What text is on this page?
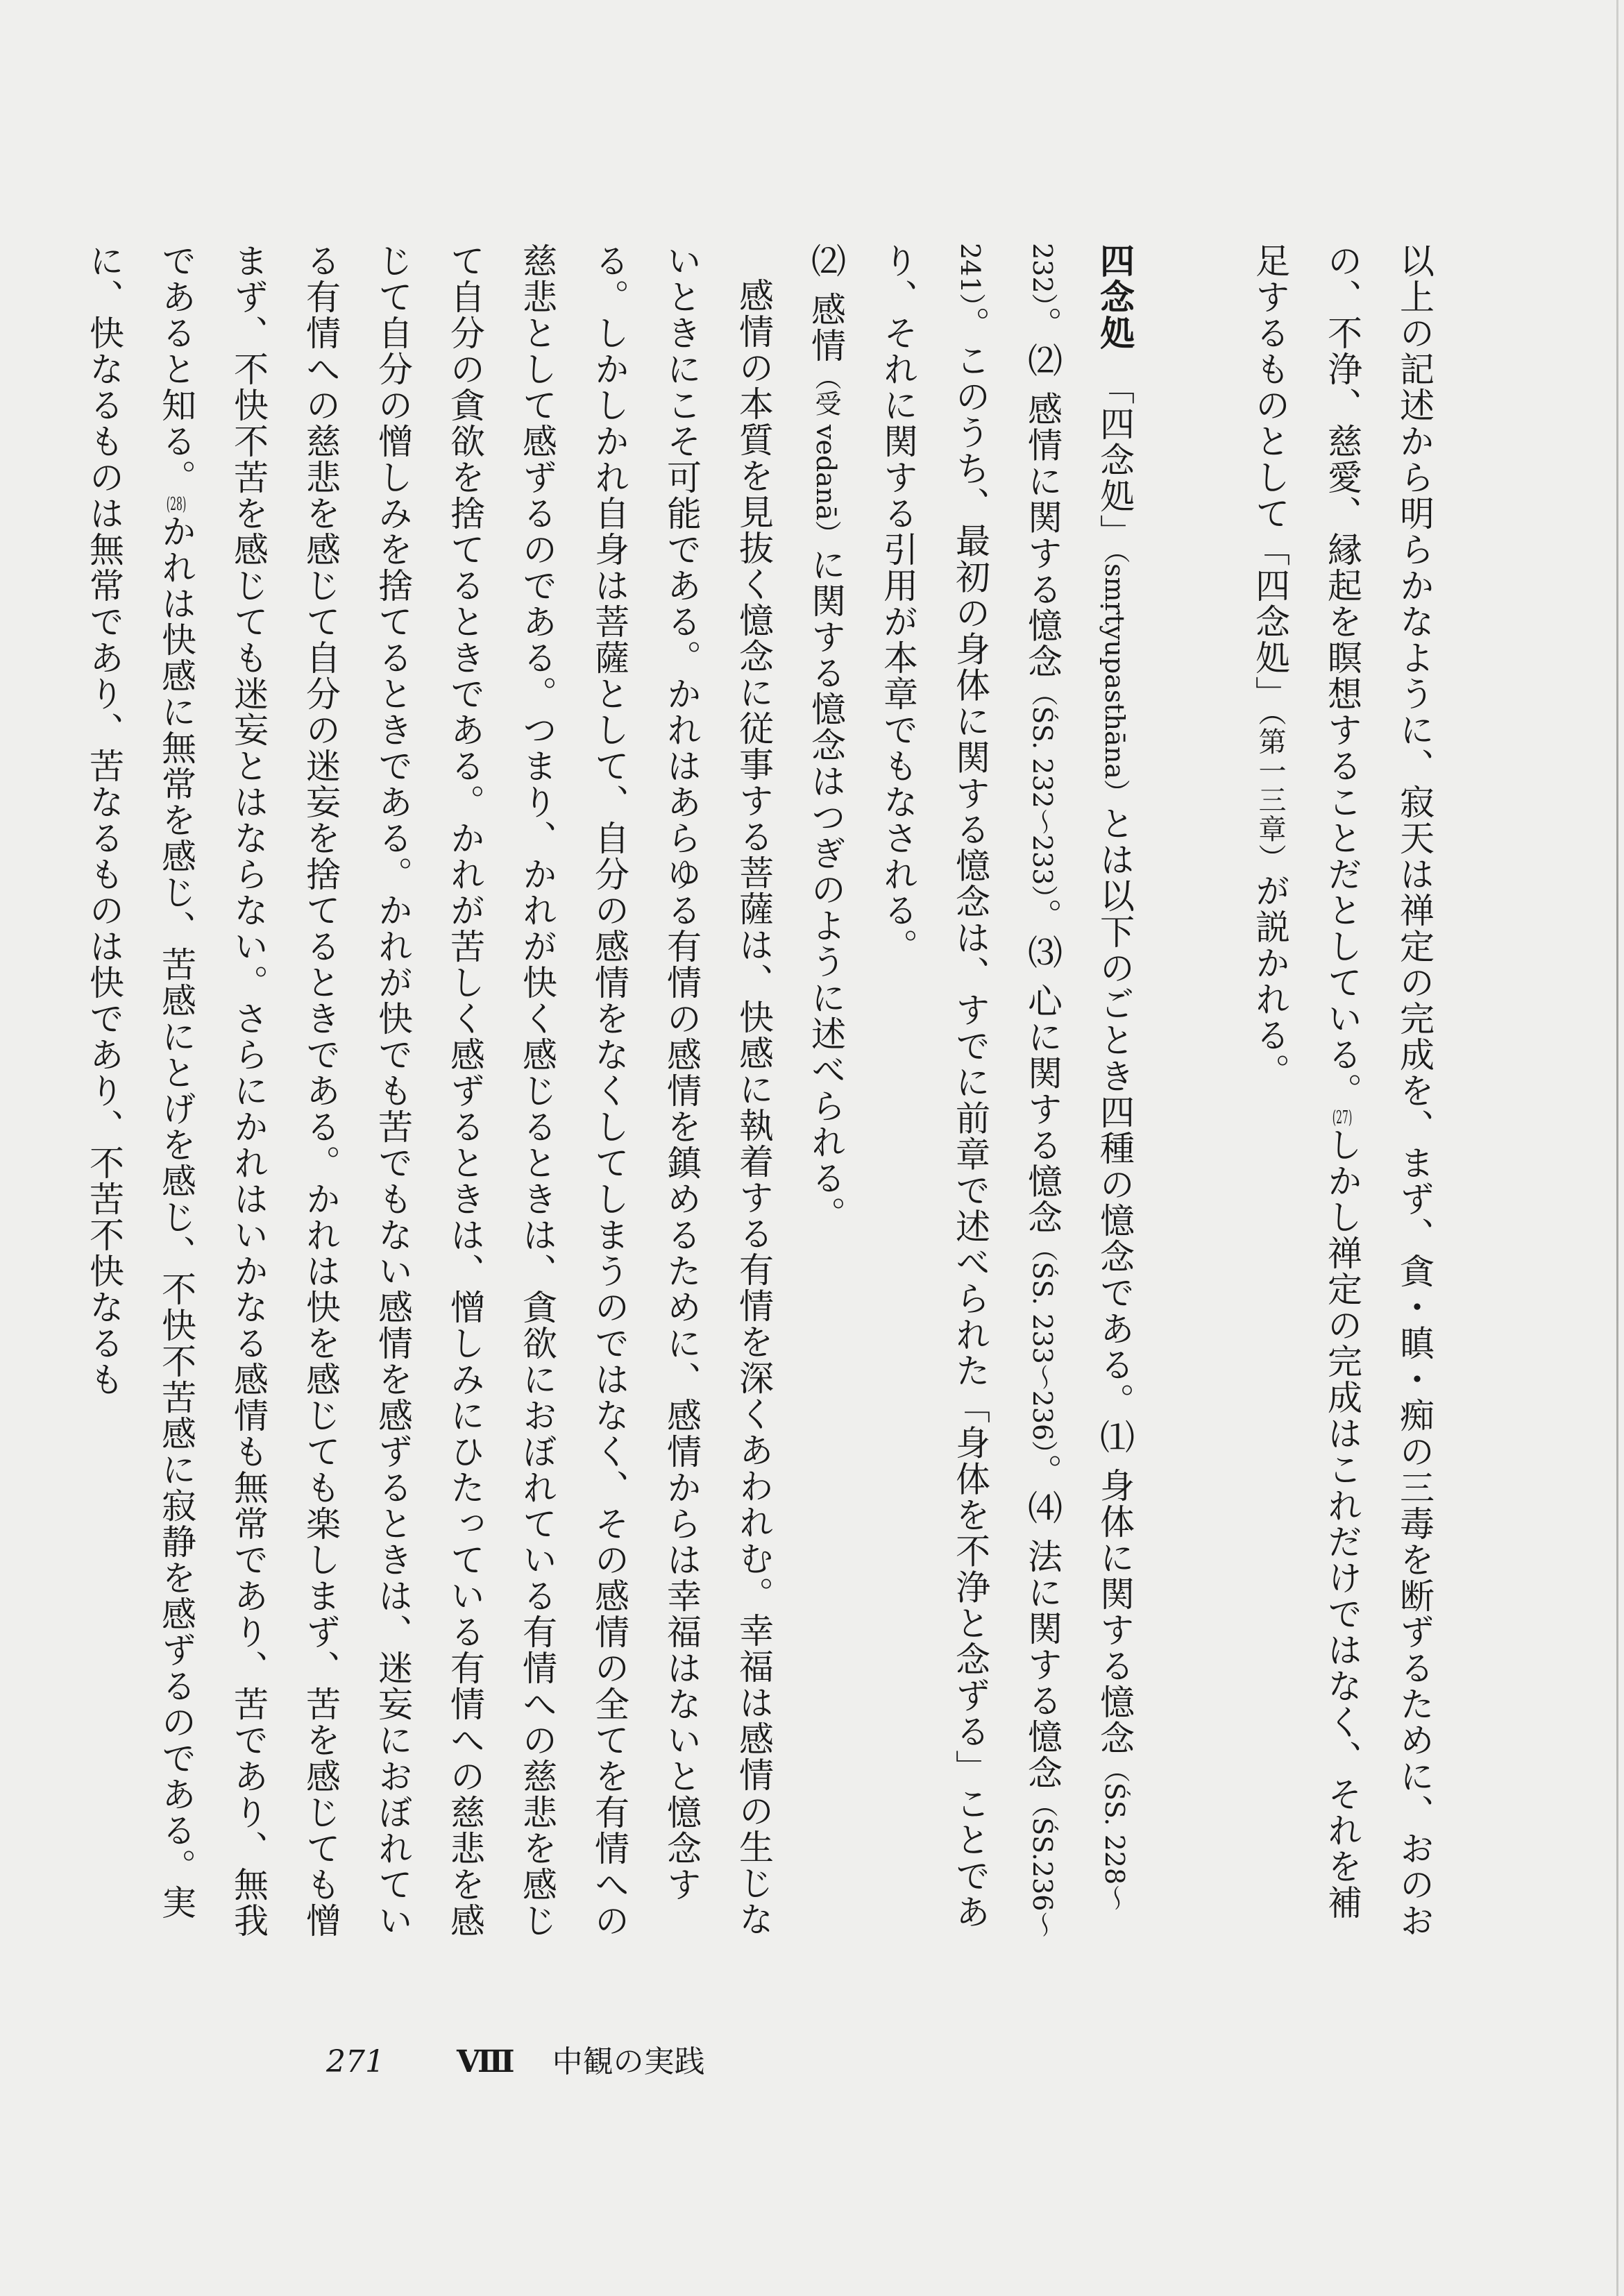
以上の記述から明らかなように、寂天は禅定の完成を、まず、貪・瞋・痴の三毒を断ずるために、おのおの、不浄、慈愛、縁起を瞑想することだとしている。(27)しかし禅定の完成はこれだけではなく、それを補足するものとして「四念処」（第一三章）が説かれる。

四念処　「四念処」（smṛtyupasthāna）とは以下のごとき四種の憶念である。⑴ 身体に関する憶念（ŚS. 228～232）。⑵ 感情に関する憶念（ŚS. 232～233）。⑶ 心に関する憶念（ŚS. 233～236）。⑷ 法に関する憶念（ŚS.236～241）。このうち、最初の身体に関する憶念は、すでに前章で述べられた「身体を不浄と念ずる」ことであり、それに関する引用が本章でもなされる。

⑵ 感情（受 vedanā）に関する憶念はつぎのように述べられる。

感情の本質を見抜く憶念に従事する菩薩は、快感に執着する有情を深くあわれむ。幸福は感情の生じないときにこそ可能である。かれはあらゆる有情の感情を鎮めるために、感情からは幸福はないと憶念する。しかしかれ自身は菩薩として、自分の感情をなくしてしまうのではなく、その感情の全てを有情への慈悲として感ずるのである。つまり、かれが快く感じるときは、貪欲におぼれている有情への慈悲を感じて自分の貪欲を捨てるときである。かれが苦しく感ずるときは、憎しみにひたっている有情への慈悲を感じて自分の憎しみを捨てるときである。かれが快でも苦でもない感情を感ずるときは、迷妄におぼれている有情への慈悲を感じて自分の迷妄を捨てるときである。かれは快を感じても楽しまず、苦を感じても憎まず、不快不苦を感じても迷妄とはならない。さらにかれはいかなる感情も無常であり、苦であり、無我であると知る。(28)かれは快感に無常を感じ、苦感にとげを感じ、不快不苦感に寂静を感ずるのである。実に、快なるものは無常であり、苦なるものは快であり、不苦不快なるも

271 Ⅷ 中観の実践
